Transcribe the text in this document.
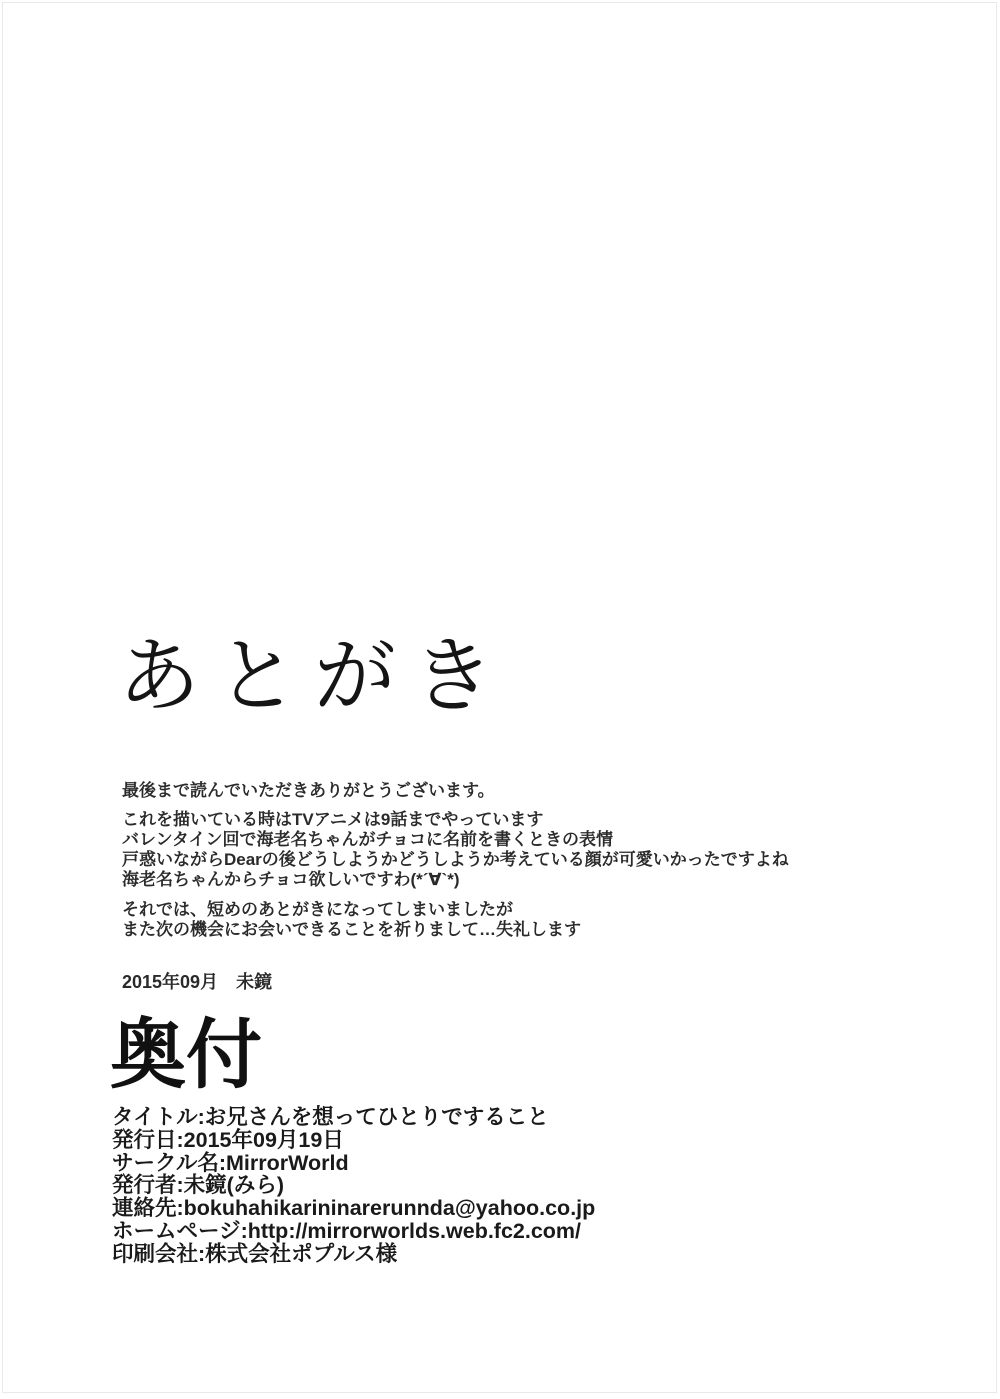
あとがき
最後まで読んでいただきありがとうございます。
これを描いている時はTVアニメは9話までやっています
バレンタイン回で海老名ちゃんがチョコに名前を書くときの表情
戸惑いながらDearの後どうしようかどうしようか考えている顔が可愛いかったですよね
海老名ちゃんからチョコ欲しいですわ(*´∀`*)
それでは、短めのあとがきになってしまいましたが
また次の機会にお会いできることを祈りまして…失礼します
2015年09月　未鏡
奥付
タイトル:お兄さんを想ってひとりですること
発行日:2015年09月19日
サークル名:MirrorWorld
発行者:未鏡(みら)
連絡先:bokuhahikarininarerunnda@yahoo.co.jp
ホームページ:http://mirrorworlds.web.fc2.com/
印刷会社:株式会社ポプルス様
